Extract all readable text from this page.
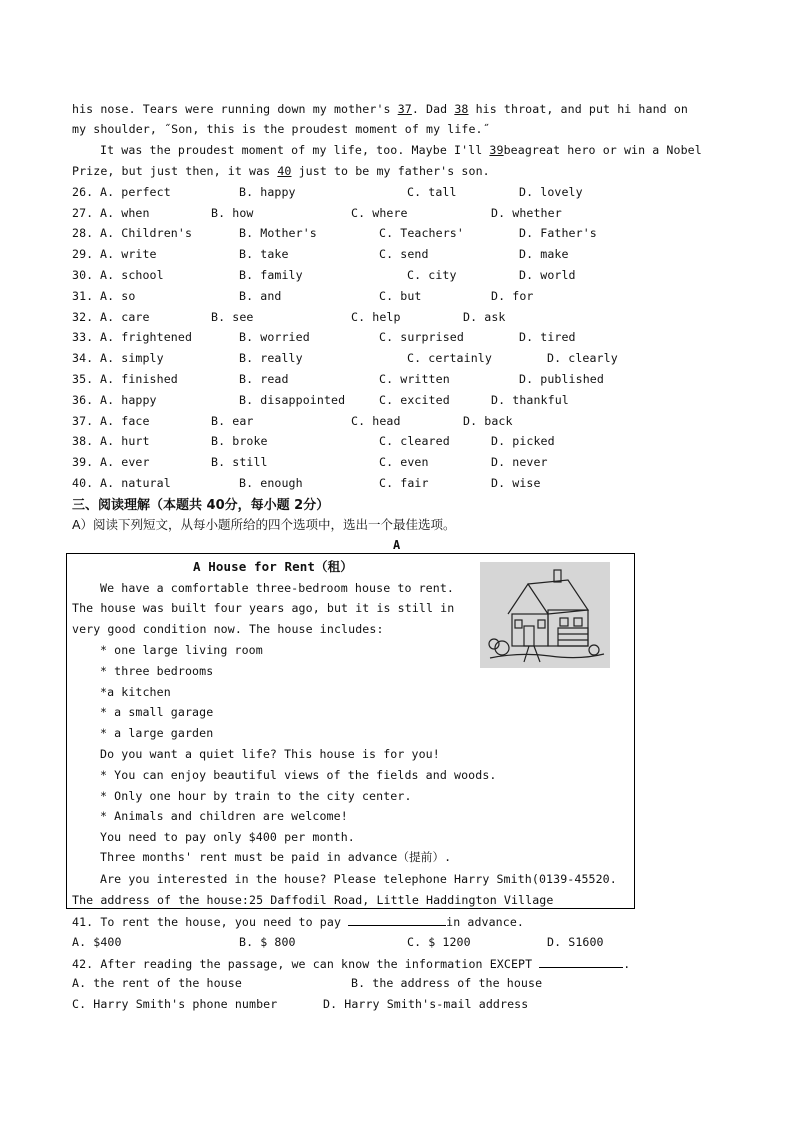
his nose. Tears were running down my mother's 37. Dad 38 his throat, and put hi hand on
my shoulder, ˝Son, this is the proudest moment of my life.˝
It was the proudest moment of my life, too. Maybe I'll 39beagreat hero or win a Nobel
Prize, but just then, it was 40 just to be my father's son.
26. A. perfect	B. happy	C. tall	D. lovely
27. A. when	B. how	C. where	D. whether
28. A. Children's	B. Mother's	C. Teachers'	D. Father's
29. A. write	B. take	C. send	D. make
30. A. school	B. family	C. city	D. world
31. A. so	B. and	C. but	D. for
32. A. care	B. see	C. help	D. ask
33. A. frightened	B. worried	C. surprised	D. tired
34. A. simply	B. really	C. certainly	D. clearly
35. A. finished	B. read	C. written	D. published
36. A. happy	B. disappointed	C. excited	D. thankful
37. A. face	B. ear	C. head	D. back
38. A. hurt	B. broke	C. cleared	D. picked
39. A. ever	B. still	C. even	D. never
40. A. natural	B. enough	C. fair	D. wise
三、阅读理解（本题共 40分，每小题 2分）
A）阅读下列短文，从每小题所给的四个选项中，选出一个最佳选项。
A
A House for Rent（租）
We have a comfortable three-bedroom house to rent.
The house was built four years ago, but it is still in
very good condition now. The house includes:
* one large living room
* three bedrooms
*a kitchen
* a small garage
* a large garden
Do you want a quiet life? This house is for you!
* You can enjoy beautiful views of the fields and woods.
* Only one hour by train to the city center.
* Animals and children are welcome!
You need to pay only $400 per month.
Three months' rent must be paid in advance（提前）.
Are you interested in the house? Please telephone Harry Smith(0139-45520.
The address of the house:25 Daffodil Road, Little Haddington Village
41. To rent the house, you need to pay	in advance.
A. $400	B. $ 800	C. $ 1200	D. S1600
42. After reading the passage, we can know the information EXCEPT	.
A. the rent of the house	B. the address of the house
C. Harry Smith's phone number	D. Harry Smith's-mail address
